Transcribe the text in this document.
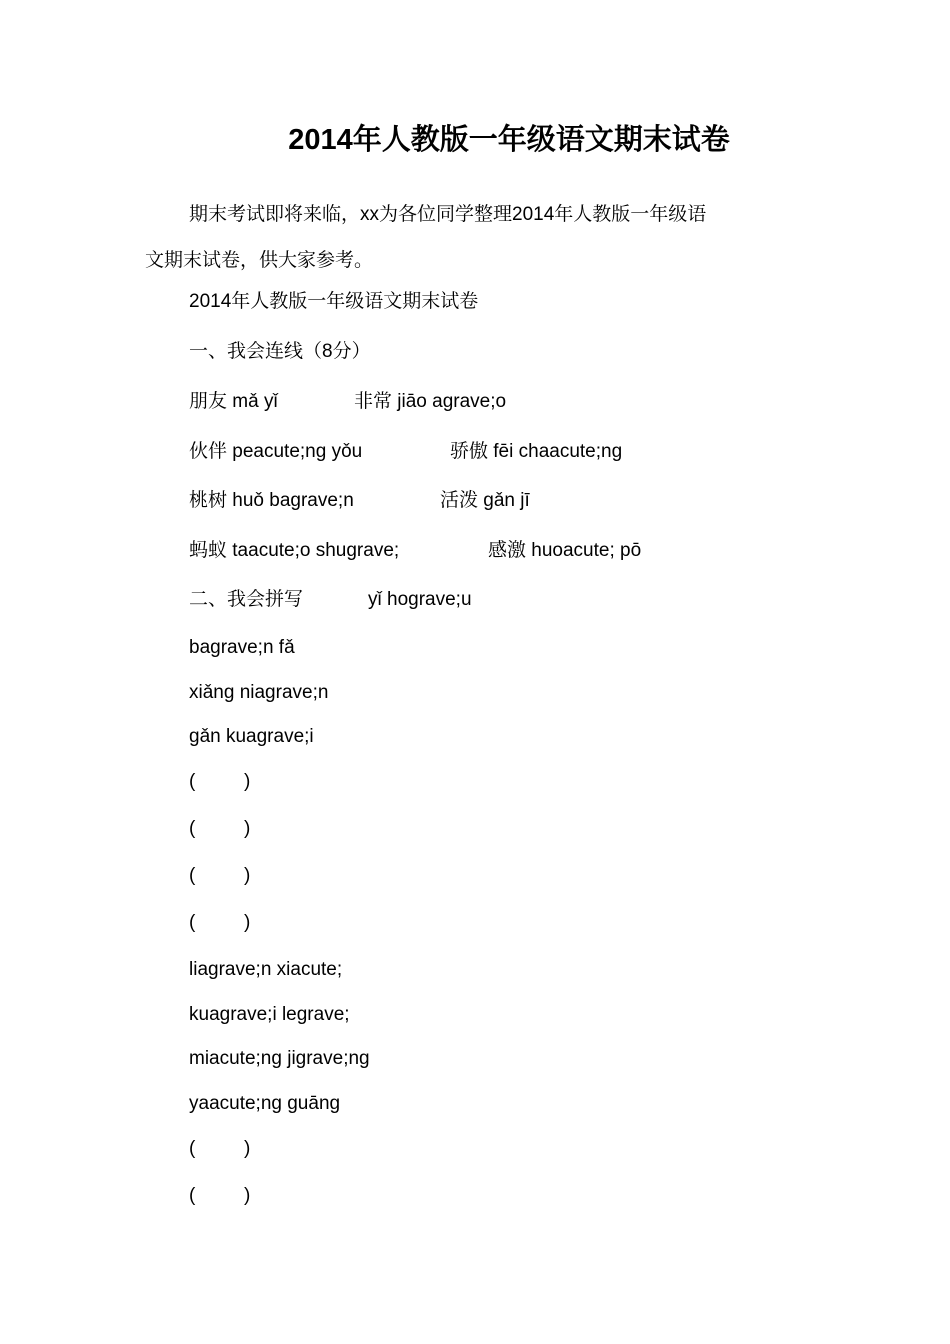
2014年人教版一年级语文期末试卷
期末考试即将来临，xx为各位同学整理2014年人教版一年级语
文期末试卷，供大家参考。
2014年人教版一年级语文期末试卷
一、我会连线（8分）
朋友 mǎ yǐ	非常 jiāo agrave;o
伙伴 peacute;ng yǒu	骄傲 fēi chaacute;ng
桃树 huǒ bagrave;n	活泼 gǎn jī
蚂蚁 taacute;o shugrave;	感激 huoacute; pō
二、我会拼写	yǐ hograve;u
bagrave;n fǎ
xiǎng niagrave;n
gǎn kuagrave;i
(	)
(	)
(	)
(	)
liagrave;n xiacute;
kuagrave;i legrave;
miacute;ng jigrave;ng
yaacute;ng guāng
(	)
(	)
